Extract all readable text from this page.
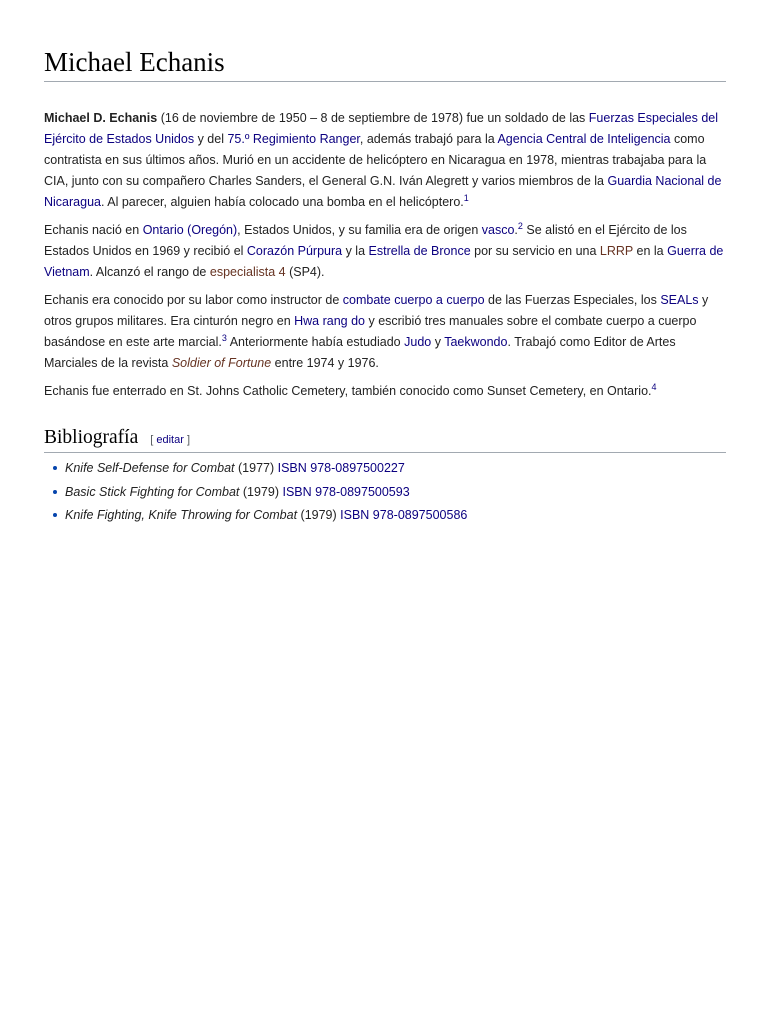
Michael Echanis

Michael D. Echanis (16 de noviembre de 1950 – 8 de septiembre de 1978) fue un soldado de las Fuerzas Especiales del Ejército de Estados Unidos y del 75.º Regimiento Ranger, además trabajó para la Agencia Central de Inteligencia como contratista en sus últimos años. Murió en un accidente de helicóptero en Nicaragua en 1978, mientras trabajaba para la CIA, junto con su compañero Charles Sanders, el General G.N. Iván Alegrett y varios miembros de la Guardia Nacional de Nicaragua. Al parecer, alguien había colocado una bomba en el helicóptero.$^1$

Echanis nació en Ontario (Oregón), Estados Unidos, y su familia era de origen vasco.$^2$ Se alistó en el Ejército de los Estados Unidos en 1969 y recibió el Corazón Púrpura y la Estrella de Bronce por su servicio en una LRRP en la Guerra de Vietnam. Alcanzó el rango de especialista 4 (SP4).

Echanis era conocido por su labor como instructor de combate cuerpo a cuerpo de las Fuerzas Especiales, los SEALs y otros grupos militares. Era cinturón negro en Hwa rang do y escribió tres manuales sobre el combate cuerpo a cuerpo basándose en este arte marcial.$^3$ Anteriormente había estudiado Judo y Taekwondo. Trabajó como Editor de Artes Marciales de la revista Soldier of Fortune entre 1974 y 1976.

Echanis fue enterrado en St. Johns Catholic Cemetery, también conocido como Sunset Cemetery, en Ontario.$^4$

Bibliografía [ editar ]
Knife Self-Defense for Combat (1977) ISBN 978-0897500227
Basic Stick Fighting for Combat (1979) ISBN 978-0897500593
Knife Fighting, Knife Throwing for Combat (1979) ISBN 978-0897500586
